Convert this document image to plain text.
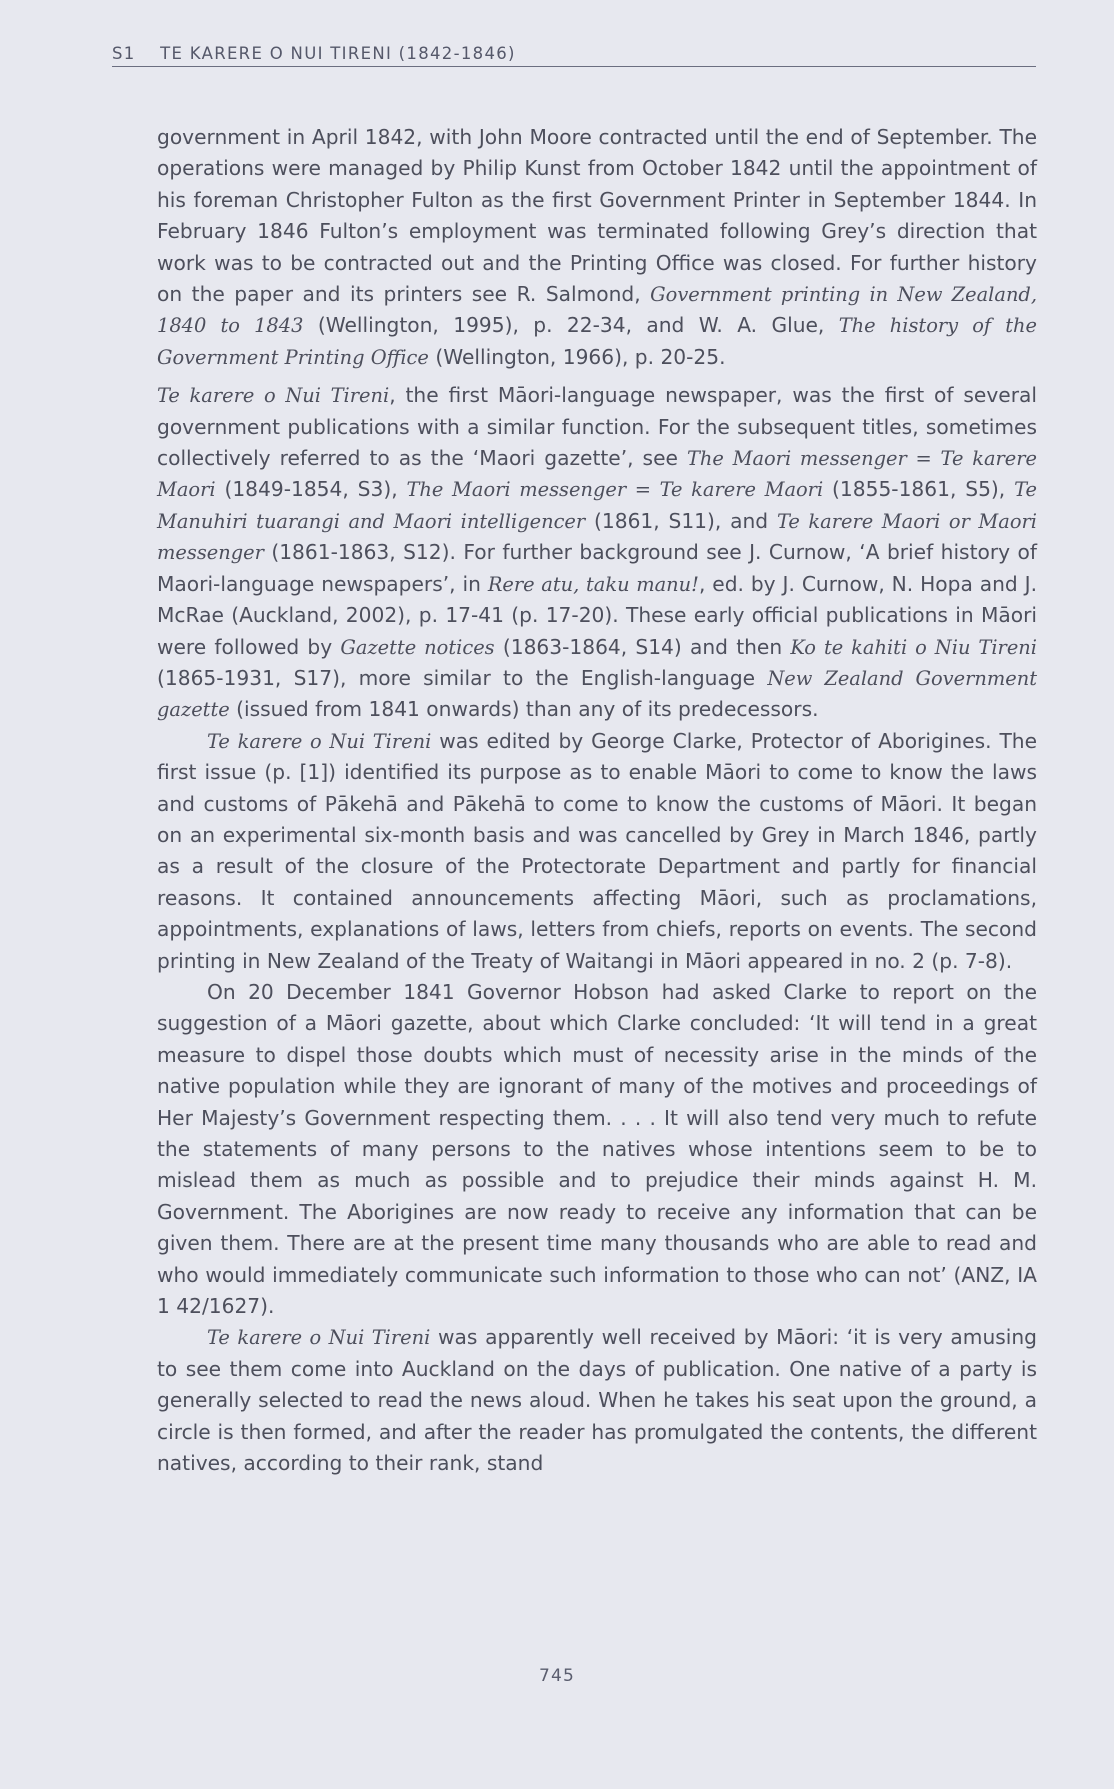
S1 TE KARERE O NUI TIRENI (1842-1846)

government in April 1842, with John Moore contracted until the end of September. The operations were managed by Philip Kunst from October 1842 until the appointment of his foreman Christopher Fulton as the first Government Printer in September 1844. In February 1846 Fulton’s employment was terminated following Grey’s direction that work was to be contracted out and the Printing Office was closed. For further history on the paper and its printers see R. Salmond, Government printing in New Zealand, 1840 to 1843 (Wellington, 1995), p. 22-34, and W. A. Glue, The history of the Government Printing Office (Wellington, 1966), p. 20-25.

Te karere o Nui Tireni, the first Māori-language newspaper, was the first of several government publications with a similar function. For the subsequent titles, sometimes collectively referred to as the ‘Maori gazette’, see The Maori messenger = Te karere Maori (1849-1854, S3), The Maori messenger = Te karere Maori (1855-1861, S5), Te Manuhiri tuarangi and Maori intelligencer (1861, S11), and Te karere Maori or Maori messenger (1861-1863, S12). For further background see J. Curnow, ‘A brief history of Maori-language newspapers’, in Rere atu, taku manu!, ed. by J. Curnow, N. Hopa and J. McRae (Auckland, 2002), p. 17-41 (p. 17-20). These early official publications in Māori were followed by Gazette notices (1863-1864, S14) and then Ko te kahiti o Niu Tireni (1865-1931, S17), more similar to the English-language New Zealand Government gazette (issued from 1841 onwards) than any of its predecessors.

Te karere o Nui Tireni was edited by George Clarke, Protector of Aborigines. The first issue (p. [1]) identified its purpose as to enable Māori to come to know the laws and customs of Pākehā and Pākehā to come to know the customs of Māori. It began on an experimental six-month basis and was cancelled by Grey in March 1846, partly as a result of the closure of the Protectorate Department and partly for financial reasons. It contained announcements affecting Māori, such as proclamations, appointments, explanations of laws, letters from chiefs, reports on events. The second printing in New Zealand of the Treaty of Waitangi in Māori appeared in no. 2 (p. 7-8).

On 20 December 1841 Governor Hobson had asked Clarke to report on the suggestion of a Māori gazette, about which Clarke concluded: ‘It will tend in a great measure to dispel those doubts which must of necessity arise in the minds of the native population while they are ignorant of many of the motives and proceedings of Her Majesty’s Government respecting them. . . . It will also tend very much to refute the statements of many persons to the natives whose intentions seem to be to mislead them as much as possible and to prejudice their minds against H. M. Government. The Aborigines are now ready to receive any information that can be given them. There are at the present time many thousands who are able to read and who would immediately communicate such information to those who can not’ (ANZ, IA 1 42/1627).

Te karere o Nui Tireni was apparently well received by Māori: ‘it is very amusing to see them come into Auckland on the days of publication. One native of a party is generally selected to read the news aloud. When he takes his seat upon the ground, a circle is then formed, and after the reader has promulgated the contents, the different natives, according to their rank, stand

745
